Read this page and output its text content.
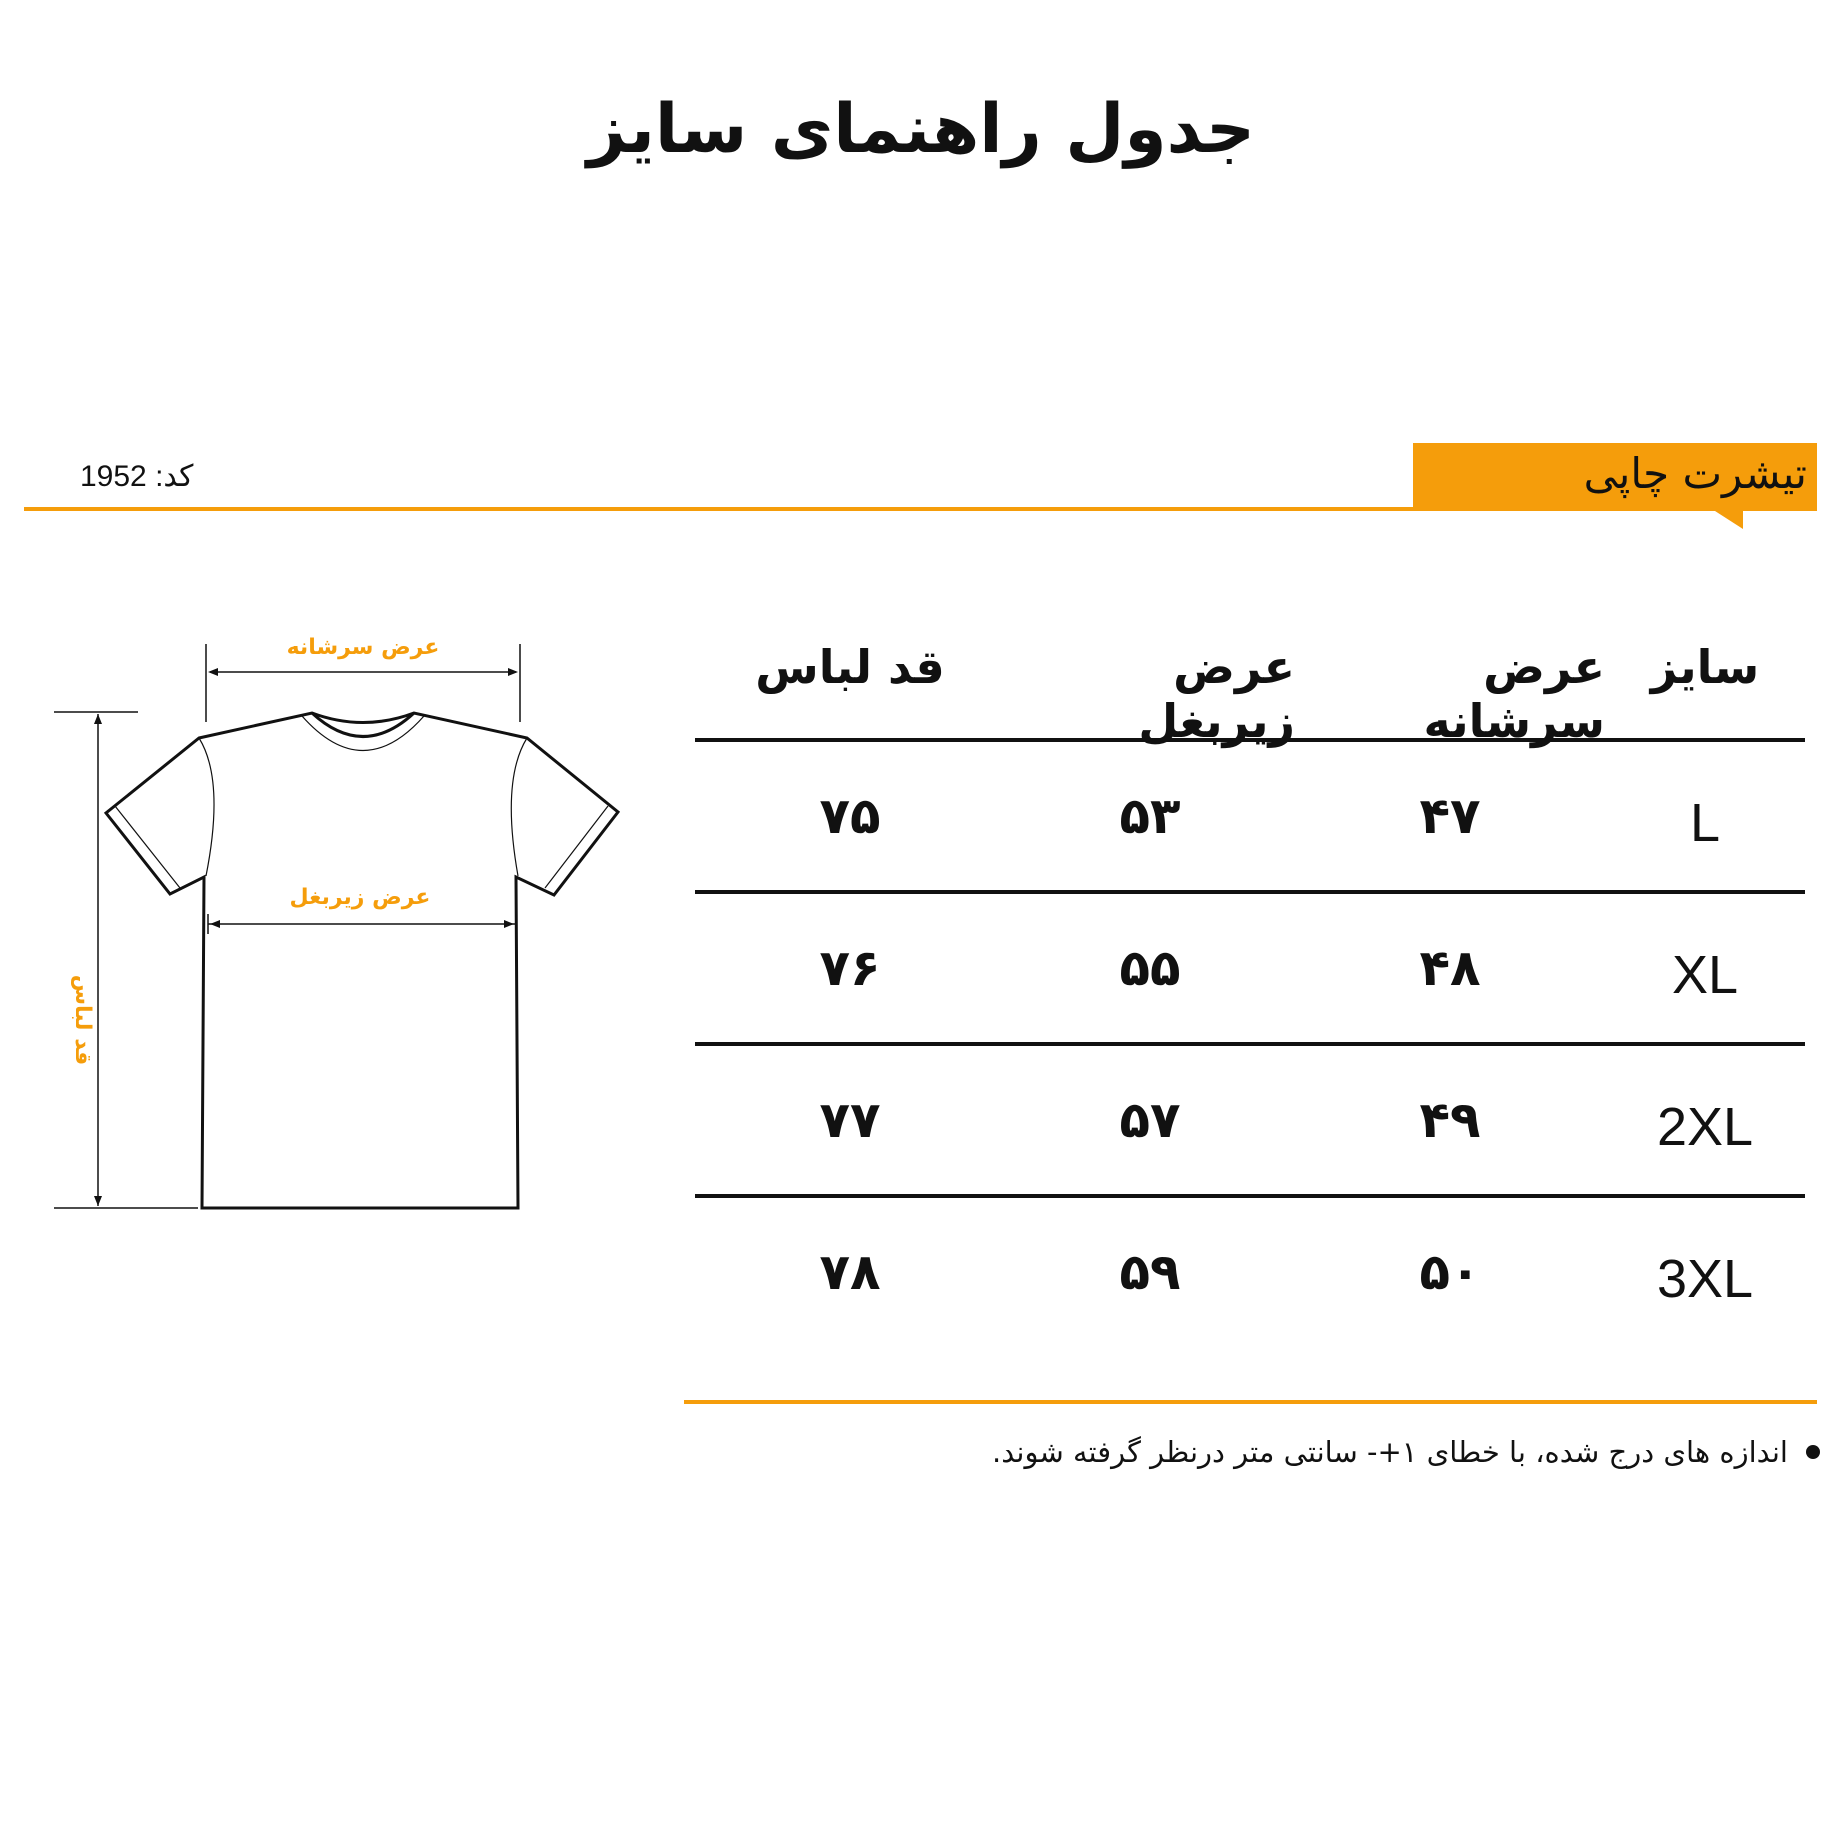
جدول راهنمای سایز
تیشرت چاپی
کد: 1952
عرض سرشانه
قد لباس
عرض زیربغل
سایز
عرض سرشانه
عرض زیربغل
قد لباس
L
۴۷
۵۳
۷۵
XL
۴۸
۵۵
۷۶
2XL
۴۹
۵۷
۷۷
3XL
۵۰
۵۹
۷۸
اندازه های درج شده، با خطای ۱+- سانتی متر درنظر گرفته شوند.
